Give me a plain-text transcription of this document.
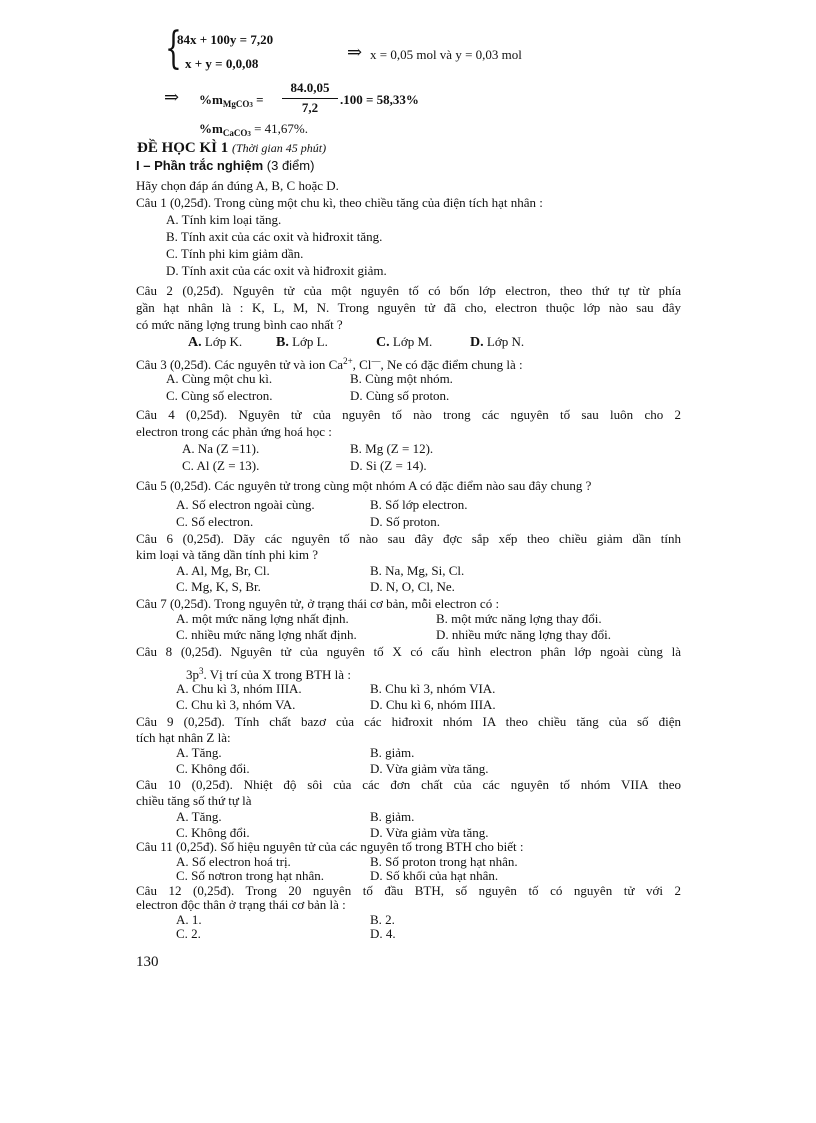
{
84x + 100y = 7,20
x + y = 0,0,08
⇒ x = 0,05 mol và y = 0,03 mol
⇒ $\%m_{MgCO3}$ =
84.0,05
7,2
.100 = 58,33%
$\%m_{CaCO3} = 41,67\%$.
ĐỀ HỌC KÌ 1 (Thời gian 45 phút)
I – Phần trắc nghiệm (3 điểm)
Hãy chọn đáp án đúng A, B, C hoặc D.
Câu 1 (0,25đ). Trong cùng một chu kì, theo chiều tăng của điện tích hạt nhân :
A. Tính kim loại tăng.
B. Tính axit của các oxit và hiđroxit tăng.
C. Tính phi kim giảm dần.
D. Tính axit của các oxit và hiđroxit giảm.
Câu 2 (0,25đ). Nguyên tử của một nguyên tố có bốn lớp electron, theo thứ tự từ phía
gần hạt nhân là : K, L, M, N. Trong nguyên tử đã cho, electron thuộc lớp nào sau đây
có mức năng lợng trung bình cao nhất ?
A. Lớp K. B. Lớp L.	C. Lớp M.	D. Lớp N.
Câu 3 (0,25đ). Các nguyên tử và ion $Ca^{2+}$, Cl—, Ne có đặc điểm chung là :
A. Cùng một chu kì.	B. Cùng một nhóm.
C. Cùng số electron.	D. Cùng số proton.
Câu 4 (0,25đ). Nguyên tử của nguyên tố nào trong các nguyên tố sau luôn cho 2
electron trong các phản ứng hoá học :
A. Na (Z =11).	B. Mg (Z = 12).
C. Al (Z = 13).	D. Si (Z = 14).
Câu 5 (0,25đ). Các nguyên tử trong cùng một nhóm A có đặc điểm nào sau đây chung ?
A. Số electron ngoài cùng.	B. Số lớp electron.
C. Số electron.	D. Số proton.
Câu 6 (0,25đ). Dãy các nguyên tố nào sau đây đợc sắp xếp theo chiều giảm dần tính
kim loại và tăng dần tính phi kim ?
A. Al, Mg, Br, Cl.	B. Na, Mg, Si, Cl.
C. Mg, K, S, Br.	D. N, O, Cl, Ne.
Câu 7 (0,25đ). Trong nguyên tử, ở trạng thái cơ bản, mỗi electron có :
A. một mức năng lợng nhất định.	B. một mức năng lợng thay đổi.
C. nhiều mức năng lợng nhất định.	D. nhiều mức năng lợng thay đổi.
Câu 8 (0,25đ). Nguyên tử của nguyên tố X có cấu hình electron phân lớp ngoài cùng là
$3p^3$. Vị trí của X trong BTH là :
A. Chu kì 3, nhóm IIIA.	B. Chu kì 3, nhóm VIA.
C. Chu kì 3, nhóm VA.	D. Chu kì 6, nhóm IIIA.
Câu 9 (0,25đ). Tính chất bazơ của các hiđroxit nhóm IA theo chiều tăng của số điện
tích hạt nhân Z là:
A. Tăng.	B. giảm.
C. Không đổi.	D. Vừa giảm vừa tăng.
Câu 10 (0,25đ). Nhiệt độ sôi của các đơn chất của các nguyên tố nhóm VIIA theo
chiều tăng số thứ tự là
A. Tăng.	B. giảm.
C. Không đổi.	D. Vừa giảm vừa tăng.
Câu 11 (0,25đ). Số hiệu nguyên tử của các nguyên tố trong BTH cho biết :
A. Số electron hoá trị.	B. Số proton trong hạt nhân.
C. Số nơtron trong hạt nhân.	D. Số khối của hạt nhân.
Câu 12 (0,25đ). Trong 20 nguyên tố đầu BTH, số nguyên tố có nguyên tử với 2
electron độc thân ở trạng thái cơ bản là :
A. 1.	B. 2.
C. 2.	D. 4.
130
